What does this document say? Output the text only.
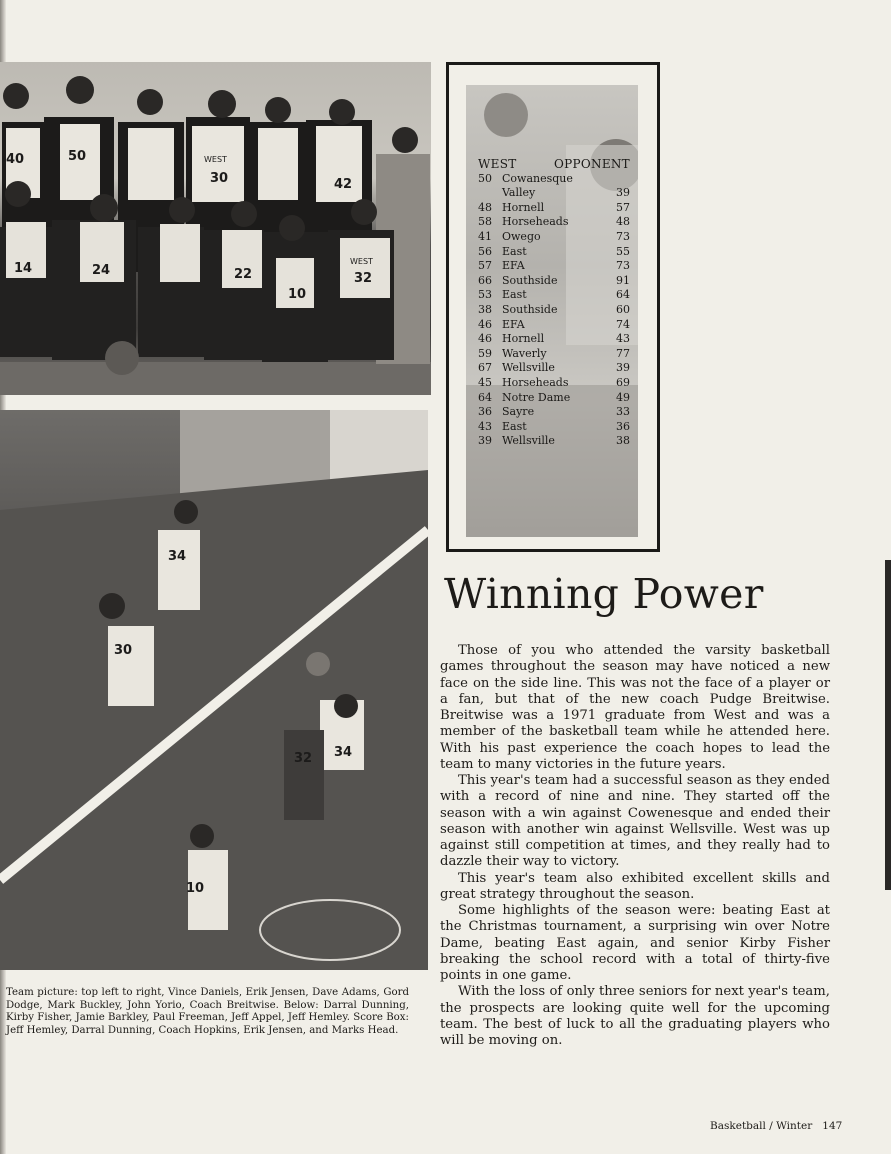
40	50
30	42
14	24	22
10
32
WEST
WEST
34
30
32 34
10
WEST	OPPONENT
50 Cowanesque
Valley	39
48 Hornell	57
58 Horseheads	48
41 Owego	73
56 East	55
57 EFA	73
66 Southside	91
53 East	64
38 Southside	60
46 EFA	74
46 Hornell	43
59 Waverly	77
67 Wellsville	39
45 Horseheads	69
64 Notre Dame	49
36 Sayre	33
43 East	36
39 Wellsville	38
Winning Power

Those of you who attended the varsity basketball games throughout the season may have noticed a new face on the side line. This was not the face of a player or a fan, but that of the new coach Pudge Breitwise. Breitwise was a 1971 graduate from West and was a member of the basketball team while he attended here. With his past experience the coach hopes to lead the team to many victories in the future years.

This year's team had a successful season as they ended with a record of nine and nine. They started off the season with a win against Cowenesque and ended their season with another win against Wellsville. West was up against still competition at times, and they really had to dazzle their way to victory.

This year's team also exhibited excellent skills and great strategy throughout the season.

Some highlights of the season were: beating East at the Christmas tournament, a surprising win over Notre Dame, beating East again, and senior Kirby Fisher breaking the school record with a total of thirty-five points in one game.

With the loss of only three seniors for next year's team, the prospects are looking quite well for the upcoming team. The best of luck to all the graduating players who will be moving on.

Team picture: top left to right, Vince Daniels, Erik Jensen, Dave Adams, Gord Dodge, Mark Buckley, John Yorio, Coach Breitwise. Below: Darral Dunning, Kirby Fisher, Jamie Barkley, Paul Freeman, Jeff Appel, Jeff Hemley. Score Box: Jeff Hemley, Darral Dunning, Coach Hopkins, Erik Jensen, and Marks Head.
Basketball / Winter 147
